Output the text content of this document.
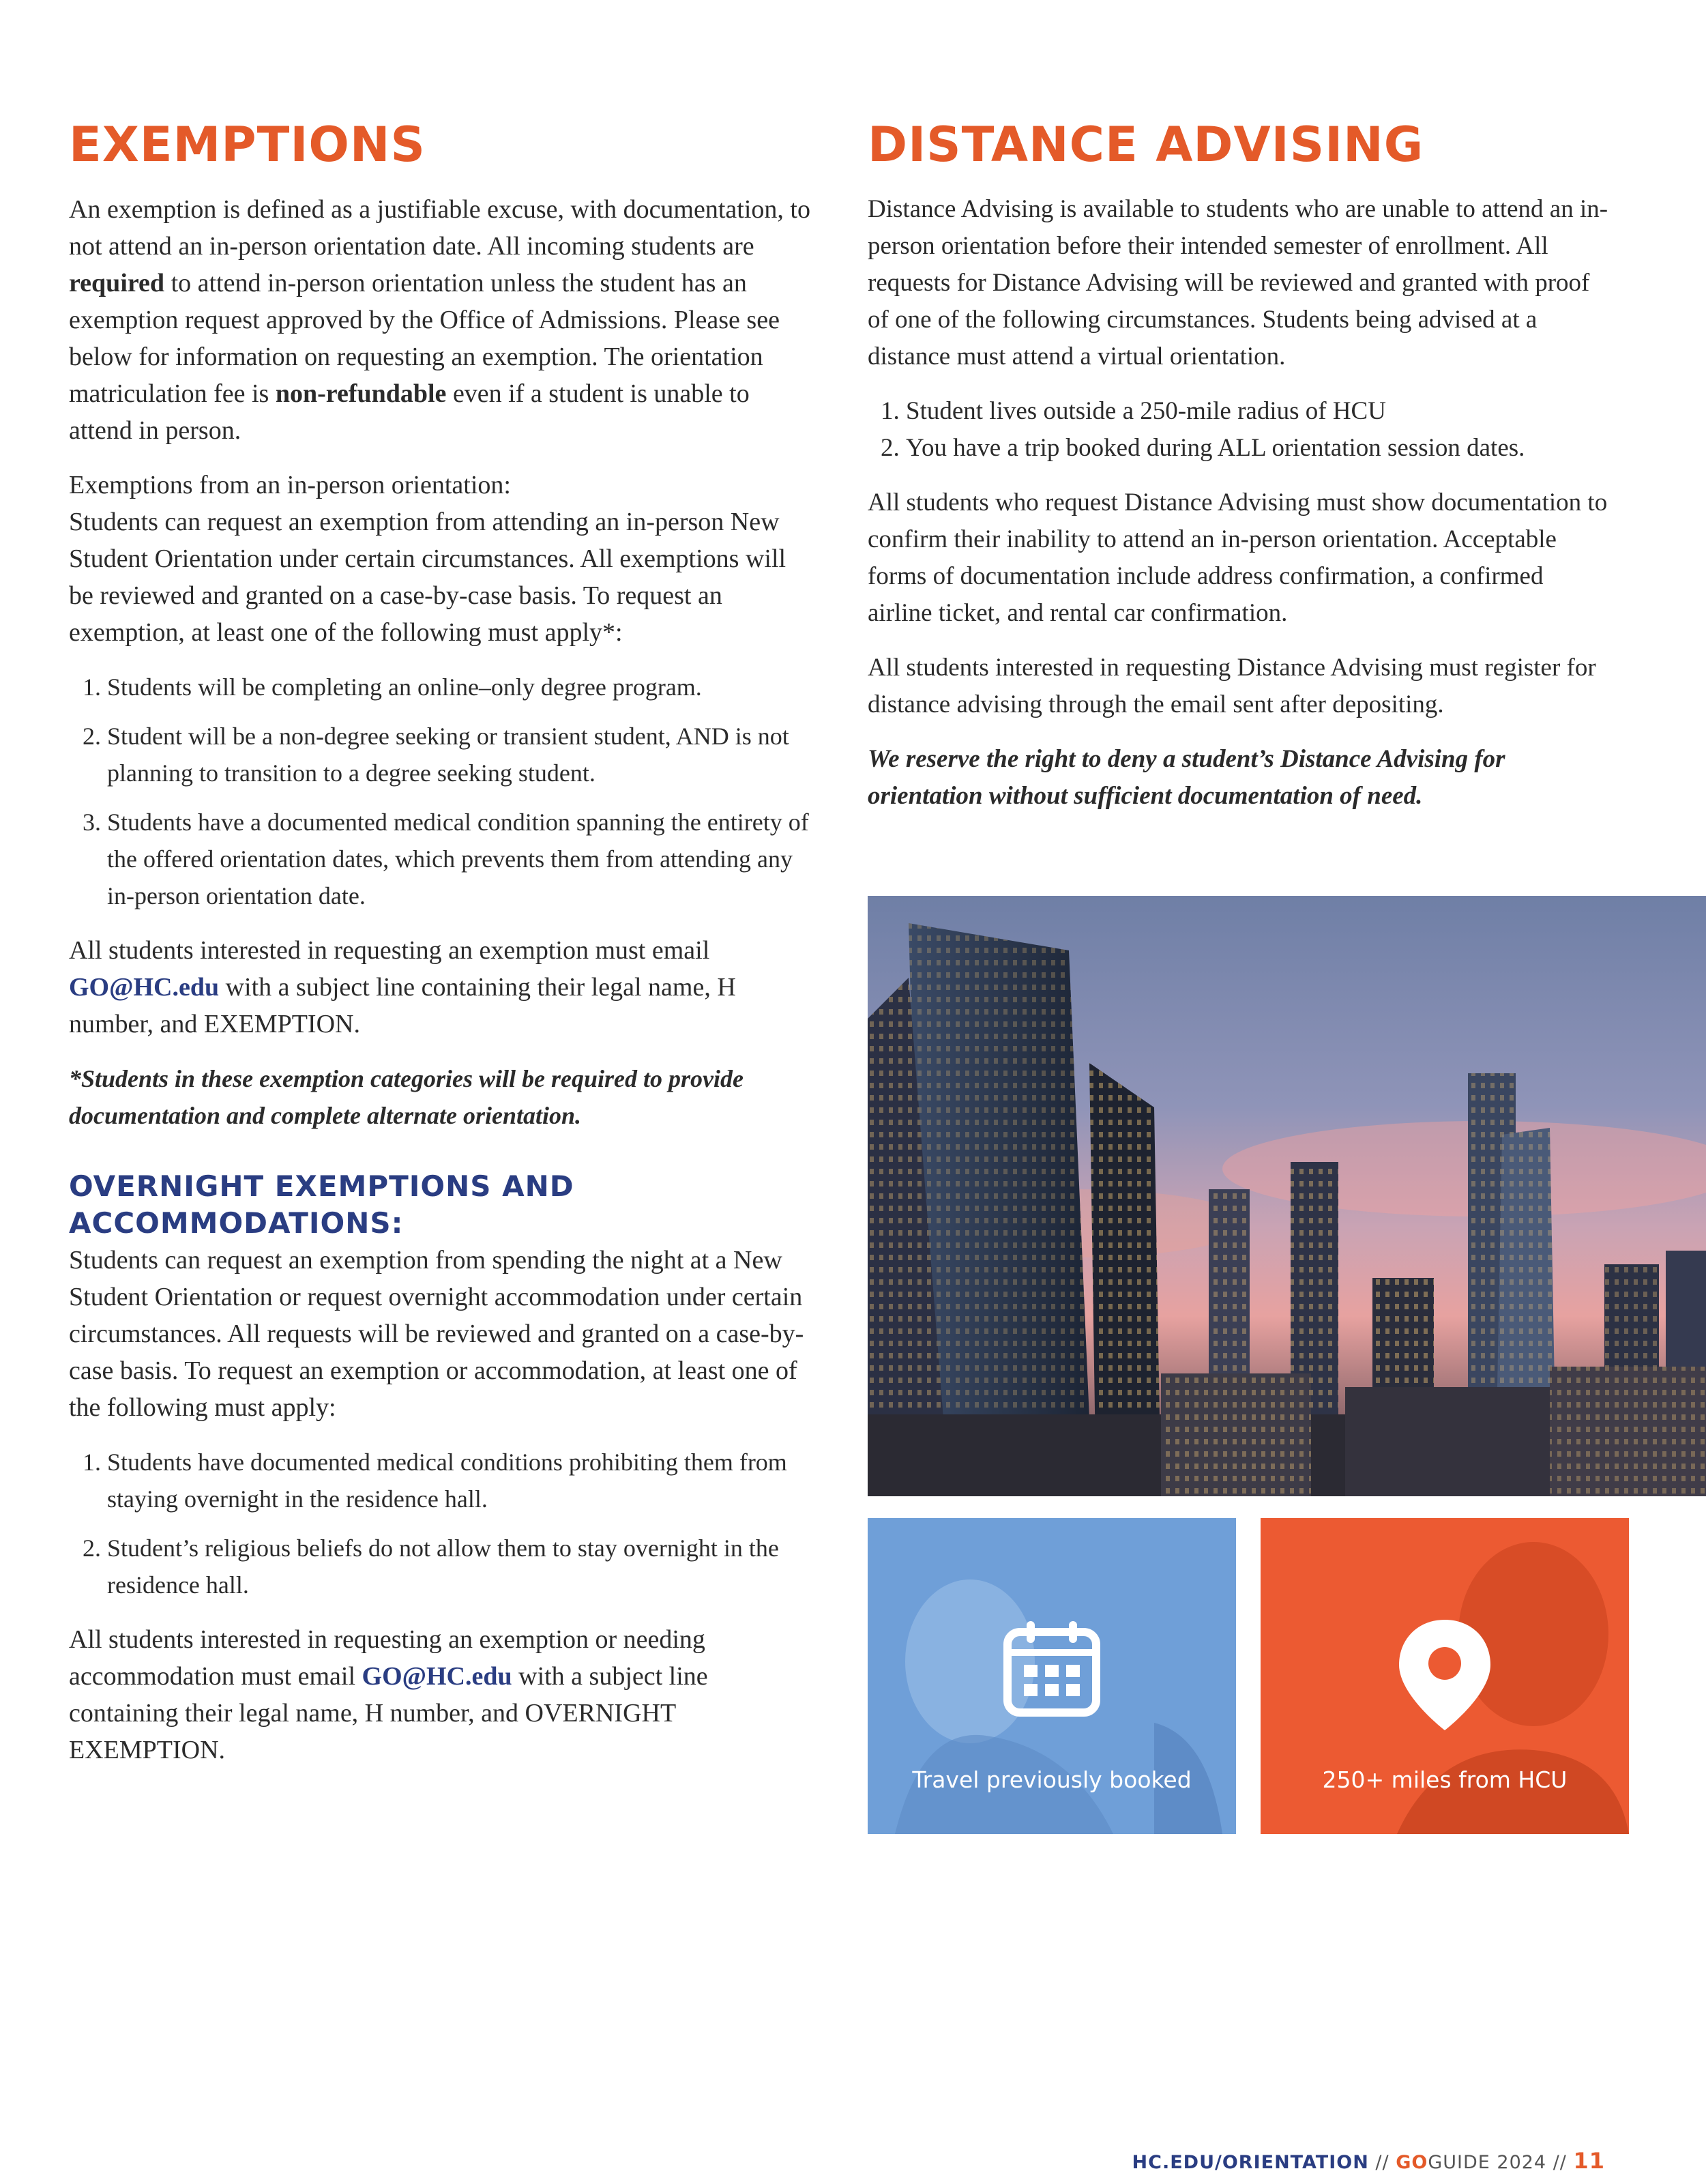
EXEMPTIONS

An exemption is defined as a justifiable excuse, with documentation, to not attend an in-person orientation date. All incoming students are required to attend in-person orientation unless the student has an exemption request approved by the Office of Admissions. Please see below for information on requesting an exemption. The orientation matriculation fee is non-refundable even if a student is unable to attend in person.

Exemptions from an in-person orientation:
Students can request an exemption from attending an in-person New Student Orientation under certain circumstances. All exemptions will be reviewed and granted on a case-by-case basis. To request an exemption, at least one of the following must apply*:

1. Students will be completing an online–only degree program.
2. Student will be a non-degree seeking or transient student, AND is not planning to transition to a degree seeking student.
3. Students have a documented medical condition spanning the entirety of the offered orientation dates, which prevents them from attending any in-person orientation date.

All students interested in requesting an exemption must email GO@HC.edu with a subject line containing their legal name, H number, and EXEMPTION.

*Students in these exemption categories will be required to provide documentation and complete alternate orientation.

OVERNIGHT EXEMPTIONS AND ACCOMMODATIONS:

Students can request an exemption from spending the night at a New Student Orientation or request overnight accommodation under certain circumstances. All requests will be reviewed and granted on a case-by-case basis. To request an exemption or accommodation, at least one of the following must apply:

1. Students have documented medical conditions prohibiting them from staying overnight in the residence hall.
2. Student’s religious beliefs do not allow them to stay overnight in the residence hall.

All students interested in requesting an exemption or needing accommodation must email GO@HC.edu with a subject line containing their legal name, H number, and OVERNIGHT EXEMPTION.

DISTANCE ADVISING

Distance Advising is available to students who are unable to attend an in-person orientation before their intended semester of enrollment. All requests for Distance Advising will be reviewed and granted with proof of one of the following circumstances. Students being advised at a distance must attend a virtual orientation.

1. Student lives outside a 250-mile radius of HCU
2. You have a trip booked during ALL orientation session dates.

All students who request Distance Advising must show documentation to confirm their inability to attend an in-person orientation. Acceptable forms of documentation include address confirmation, a confirmed airline ticket, and rental car confirmation.

All students interested in requesting Distance Advising must register for distance advising through the email sent after depositing.

We reserve the right to deny a student’s Distance Advising for orientation without sufficient documentation of need.

Travel previously booked	250+ miles from HCU
HC.EDU/ORIENTATION // GOGUIDE 2024 // 11
